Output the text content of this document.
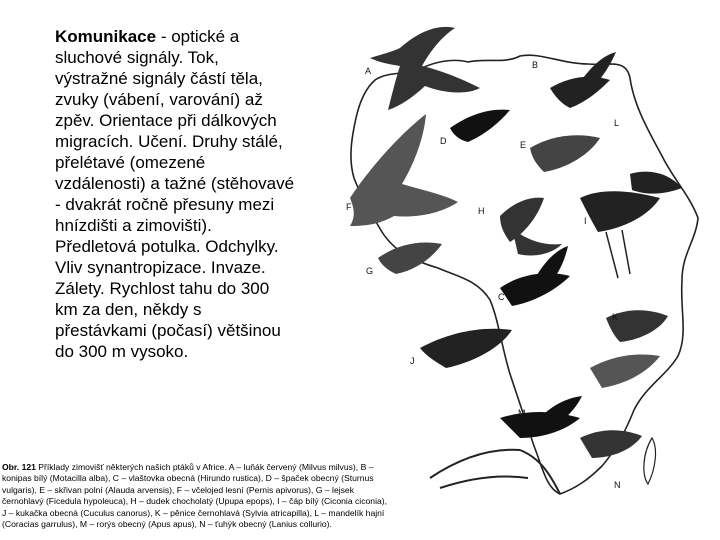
Komunikace - optické a sluchové signály. Tok, výstražné signály částí těla, zvuky (vábení, varování) až zpěv. Orientace při dálkových migracích. Učení. Druhy stálé, přelétavé (omezené vzdálenosti) a tažné (stěhovavé - dvakrát ročně přesuny mezi hnízdišti a zimovišti). Předletová potulka. Odchylky. Vliv synantropizace. Invaze. Zálety. Rychlost tahu do 300 km za den, někdy s přestávkami (počasí) většinou do 300 m vysoko.

A
B
D	E
L
F	H
I
G
C
K
J
M
N

Obr. 121 Příklady zimovišť některých našich ptáků v Africe. A – luňák červený (Milvus milvus), B – konipas bílý (Motacilla alba), C – vlaštovka obecná (Hirundo rustica), D – špaček obecný (Sturnus vulgaris), E – skřivan polní (Alauda arvensis), F – včelojed lesní (Pernis apivorus), G – lejsek černohlavý (Ficedula hypoleuca), H – dudek chocholatý (Upupa epops), I – čáp bílý (Ciconia ciconia), J – kukačka obecná (Cuculus canorus), K – pěnice černohlavá (Sylvia atricapilla), L – mandelík hajní (Coracias garrulus), M – rorýs obecný (Apus apus), N – ťuhýk obecný (Lanius collurio).
